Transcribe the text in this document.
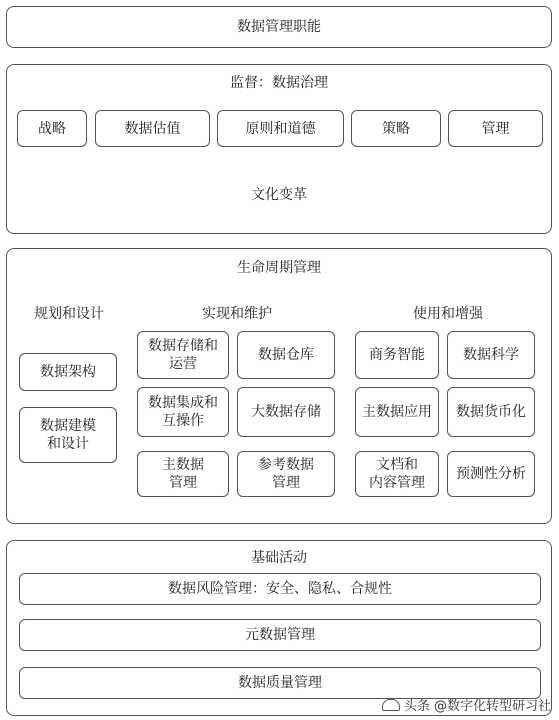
数据管理职能
监督：数据治理
战略	数据估值	原则和道德	策略	管理
文化变革
生命周期管理
规划和设计
数据架构
数据建模
和设计
实现和维护
数据存储和
运营
数据仓库
数据集成和
互操作
大数据存储
主数据
管理
参考数据
管理
使用和增强
商务智能	数据科学
主数据应用	数据货币化
文档和
内容管理
预测性分析
基础活动
数据风险管理：安全、隐私、合规性
元数据管理
数据质量管理
头条 @数字化转型研习社
